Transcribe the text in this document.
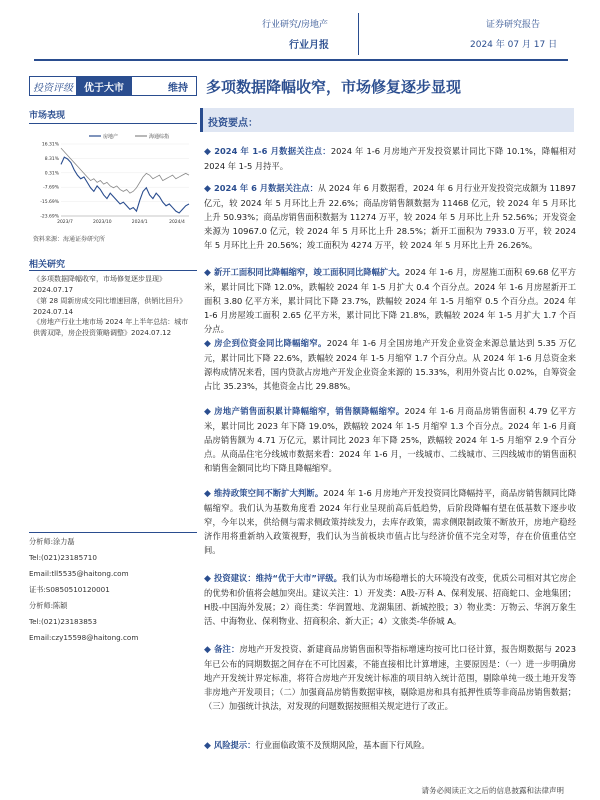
行业研究/房地产
行业月报
证券研究报告
2024 年 07 月 17 日
投资评级	优于大市	维持	多项数据降幅收窄，市场修复逐步显现
市场表现
房地产	海通综指
16.31%
8.31%
0.31%
-7.69%
-15.69%
-23.69%
2023/7	2023/10	2024/1	2024/4
资料来源：海通证券研究所
相关研究
《多项数据降幅收窄，市场修复逐步显现》2024.07.17
《第 28 周新房成交同比增速回落，供销比回升》2024.07.14
《房地产行业土地市场 2024 年上半年总结：城市供需双降，房企投资策略调整》2024.07.12
分析师:涂力磊
Tel:(021)23185710
Email:tll5535@haitong.com
证书:S0850510120001
分析师:陈颖
Tel:(021)23183853
Email:czy15598@haitong.com
投资要点：
◆ 2024 年 1-6 月数据关注点：2024 年 1-6 月房地产开发投资累计同比下降 10.1%，降幅相对 2024 年 1-5 月持平。
◆ 2024 年 6 月数据关注点：从 2024 年 6 月数据看，2024 年 6 月行业开发投资完成额为 11897 亿元，较 2024 年 5 月环比上升 22.6%；商品房销售额数据为 11468 亿元，较 2024 年 5 月环比上升 50.93%；商品房销售面积数据为 11274 万平，较 2024 年 5 月环比上升 52.56%；开发资金来源为 10967.0 亿元，较 2024 年 5 月环比上升 28.5%；新开工面积为 7933.0 万平，较 2024 年 5 月环比上升 20.56%；竣工面积为 4274 万平，较 2024 年 5 月环比上升 26.26%。
◆ 新开工面积同比降幅缩窄，竣工面积同比降幅扩大。2024 年 1-6 月，房屋施工面积 69.68 亿平方米，累计同比下降 12.0%，跌幅较 2024 年 1-5 月扩大 0.4 个百分点。2024 年 1-6 月房屋新开工面积 3.80 亿平方米，累计同比下降 23.7%，跌幅较 2024 年 1-5 月缩窄 0.5 个百分点。2024 年 1-6 月房屋竣工面积 2.65 亿平方米，累计同比下降 21.8%，跌幅较 2024 年 1-5 月扩大 1.7 个百分点。
◆ 房企到位资金同比降幅缩窄。2024 年 1-6 月全国房地产开发企业资金来源总量达到 5.35 万亿元，累计同比下降 22.6%，跌幅较 2024 年 1-5 月缩窄 1.7 个百分点。从 2024 年 1-6 月总资金来源构成情况来看，国内贷款占房地产开发企业资金来源的 15.33%，利用外资占比 0.02%，自筹资金占比 35.23%，其他资金占比 29.88%。
◆ 房地产销售面积累计降幅缩窄，销售额降幅缩窄。2024 年 1-6 月商品房销售面积 4.79 亿平方米，累计同比 2023 年下降 19.0%，跌幅较 2024 年 1-5 月缩窄 1.3 个百分点。2024 年 1-6 月商品房销售额为 4.71 万亿元，累计同比 2023 年下降 25%，跌幅较 2024 年 1-5 月缩窄 2.9 个百分点。从商品住宅分线城市数据来看：2024 年 1-6 月，一线城市、二线城市、三四线城市的销售面积和销售金额同比均下降且降幅缩窄。
◆ 维持政策空间不断扩大判断。2024 年 1-6 月房地产开发投资同比降幅持平，商品房销售额同比降幅缩窄。我们认为基数角度看 2024 年行业呈现前高后低趋势，后阶段降幅有望在低基数下逐步收窄，今年以来，供给侧与需求侧政策持续发力，去库存政策，需求侧限制政策不断放开，房地产稳经济作用将重新纳入政策视野，我们认为当前板块市值占比与经济价值不完全对等，存在价值重估空间。
◆ 投资建议：维持“优于大市”评级。我们认为市场稳增长的大环境没有改变，优质公司相对其它房企的优势和价值将会越加突出。建议关注：1）开发类：A股-万科 A、保利发展、招商蛇口、金地集团；H股-中国海外发展；2）商住类：华润置地、龙湖集团、新城控股；3）物业类：万物云、华润万象生活、中海物业、保利物业、招商积余、新大正；4）文旅类-华侨城 A。
◆ 备注：房地产开发投资、新建商品房销售面积等指标增速均按可比口径计算，报告期数据与 2023 年已公布的同期数据之间存在不可比因素，不能直接相比计算增速，主要原因是：（一）进一步明确房地产开发统计界定标准，将符合房地产开发统计标准的项目纳入统计范围，剔除单纯一级土地开发等非房地产开发项目；（二）加强商品房销售数据审核，剔除退房和具有抵押性质等非商品房销售数据；（三）加强统计执法，对发现的问题数据按照相关规定进行了改正。
◆ 风险提示：行业面临政策不及预期风险，基本面下行风险。
请务必阅读正文之后的信息披露和法律声明
